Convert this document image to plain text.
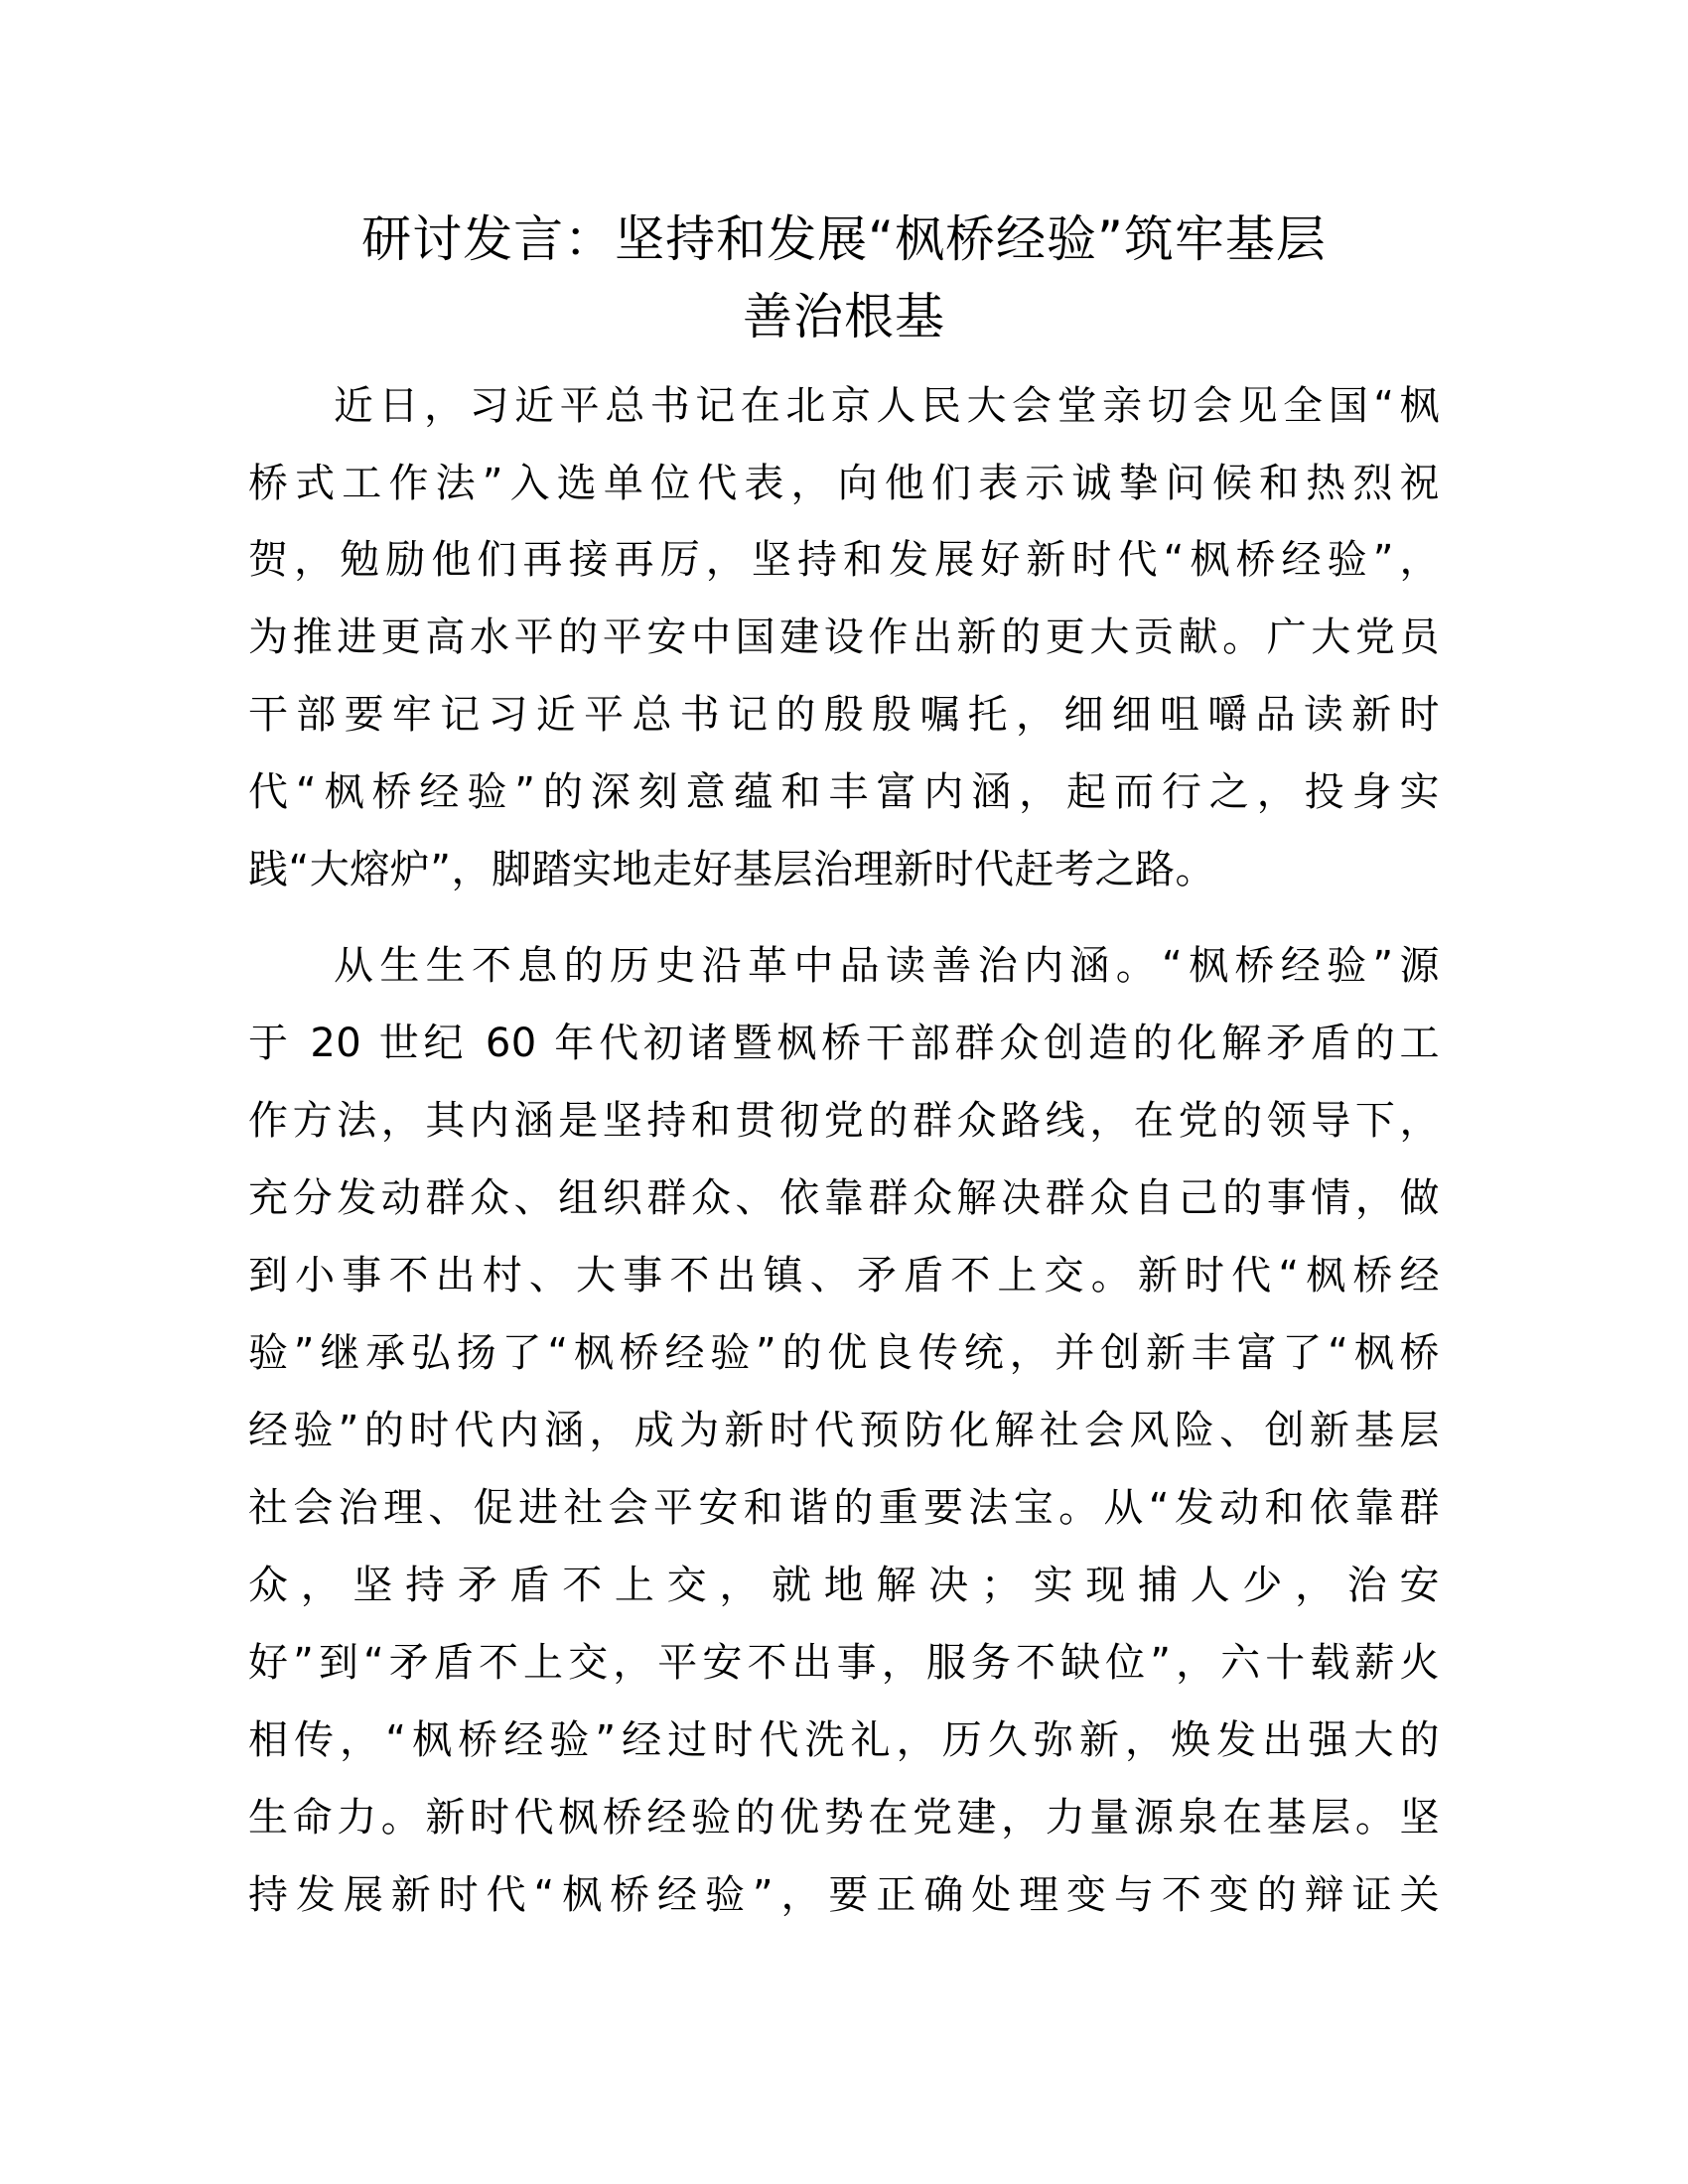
研讨发言：坚持和发展“枫桥经验”筑牢基层
善治根基
近日，习近平总书记在北京人民大会堂亲切会见全国“枫
桥式工作法”入选单位代表，向他们表示诚挚问候和热烈祝
贺，勉励他们再接再厉，坚持和发展好新时代“枫桥经验”，
为推进更高水平的平安中国建设作出新的更大贡献。广大党员
干部要牢记习近平总书记的殷殷嘱托，细细咀嚼品读新时
代“枫桥经验”的深刻意蕴和丰富内涵，起而行之，投身实
践“大熔炉”，脚踏实地走好基层治理新时代赶考之路。
从生生不息的历史沿革中品读善治内涵。“枫桥经验”源
于 20 世纪 60 年代初诸暨枫桥干部群众创造的化解矛盾的工
作方法，其内涵是坚持和贯彻党的群众路线，在党的领导下，
充分发动群众、组织群众、依靠群众解决群众自己的事情，做
到小事不出村、大事不出镇、矛盾不上交。新时代“枫桥经
验”继承弘扬了“枫桥经验”的优良传统，并创新丰富了“枫桥
经验”的时代内涵，成为新时代预防化解社会风险、创新基层
社会治理、促进社会平安和谐的重要法宝。从“发动和依靠群
众，坚持矛盾不上交，就地解决；实现捕人少，治安
好”到“矛盾不上交，平安不出事，服务不缺位”，六十载薪火
相传，“枫桥经验”经过时代洗礼，历久弥新，焕发出强大的
生命力。新时代枫桥经验的优势在党建，力量源泉在基层。坚
持发展新时代“枫桥经验”，要正确处理变与不变的辩证关
